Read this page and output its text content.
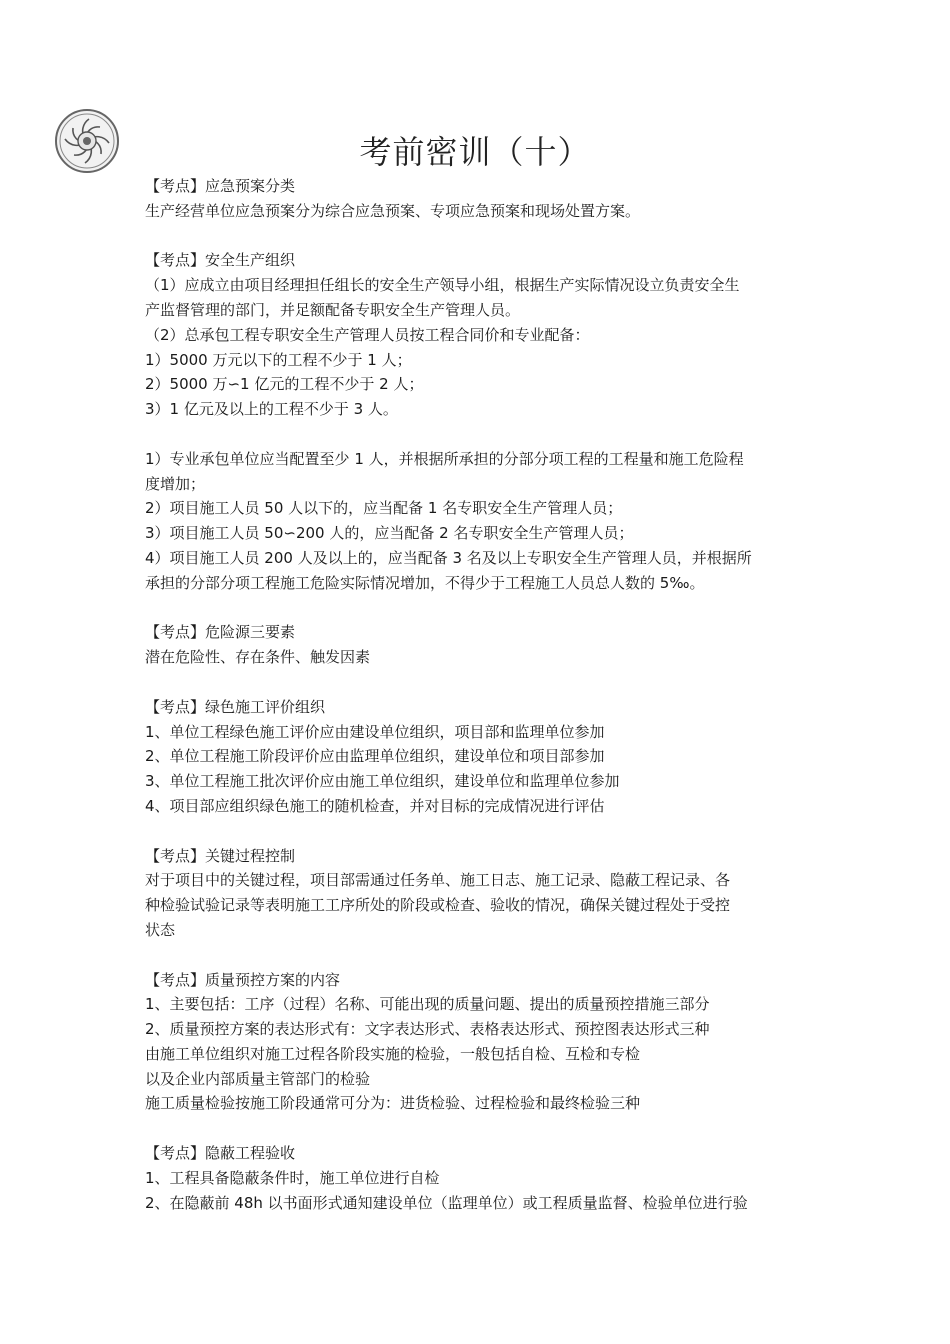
考前密训（十）
【考点】应急预案分类
生产经营单位应急预案分为综合应急预案、专项应急预案和现场处置方案。
【考点】安全生产组织
（1）应成立由项目经理担任组长的安全生产领导小组，根据生产实际情况设立负责安全生
产监督管理的部门，并足额配备专职安全生产管理人员。
（2）总承包工程专职安全生产管理人员按工程合同价和专业配备：
1）5000 万元以下的工程不少于 1 人；
2）5000 万∽1 亿元的工程不少于 2 人；
3）1 亿元及以上的工程不少于 3 人。
1）专业承包单位应当配置至少 1 人，并根据所承担的分部分项工程的工程量和施工危险程
度增加；
2）项目施工人员 50 人以下的，应当配备 1 名专职安全生产管理人员；
3）项目施工人员 50∽200 人的，应当配备 2 名专职安全生产管理人员；
4）项目施工人员 200 人及以上的，应当配备 3 名及以上专职安全生产管理人员，并根据所
承担的分部分项工程施工危险实际情况增加，不得少于工程施工人员总人数的 5‰。
【考点】危险源三要素
潜在危险性、存在条件、触发因素
【考点】绿色施工评价组织
1、单位工程绿色施工评价应由建设单位组织，项目部和监理单位参加
2、单位工程施工阶段评价应由监理单位组织，建设单位和项目部参加
3、单位工程施工批次评价应由施工单位组织，建设单位和监理单位参加
4、项目部应组织绿色施工的随机检查，并对目标的完成情况进行评估
【考点】关键过程控制
对于项目中的关键过程，项目部需通过任务单、施工日志、施工记录、隐蔽工程记录、各
种检验试验记录等表明施工工序所处的阶段或检查、验收的情况，确保关键过程处于受控
状态
【考点】质量预控方案的内容
1、主要包括：工序（过程）名称、可能出现的质量问题、提出的质量预控措施三部分
2、质量预控方案的表达形式有：文字表达形式、表格表达形式、预控图表达形式三种
由施工单位组织对施工过程各阶段实施的检验，一般包括自检、互检和专检
以及企业内部质量主管部门的检验
施工质量检验按施工阶段通常可分为：进货检验、过程检验和最终检验三种
【考点】隐蔽工程验收
1、工程具备隐蔽条件时，施工单位进行自检
2、在隐蔽前 48h 以书面形式通知建设单位（监理单位）或工程质量监督、检验单位进行验
